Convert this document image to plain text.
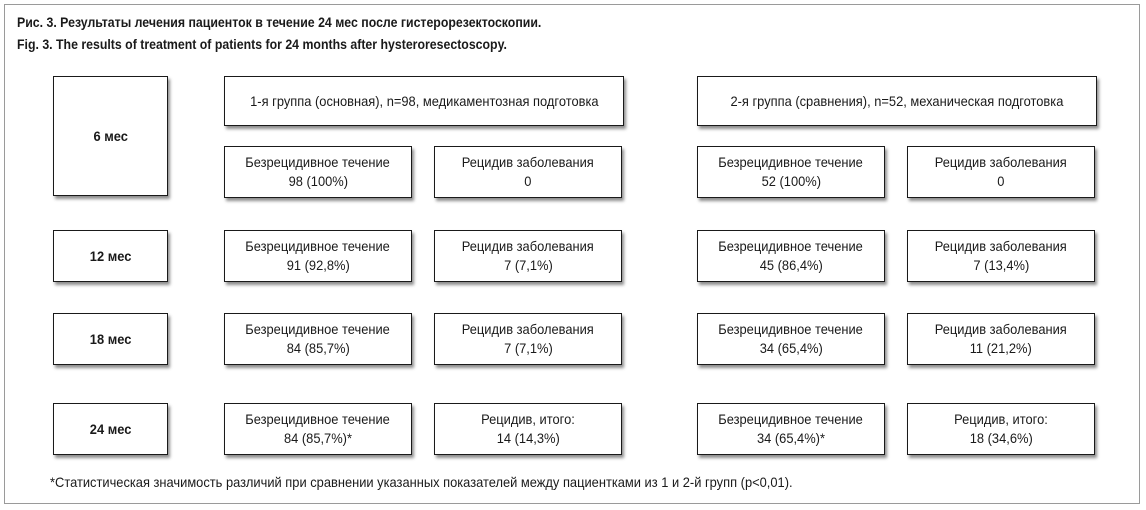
Рис. 3. Результаты лечения пациенток в течение 24 мес после гистерорезектоскопии.
Fig. 3. The results of treatment of patients for 24 months after hysteroresectoscopy.
1-я группа (основная), n=98, медикаментозная подготовка	2-я группа (сравнения), n=52, механическая подготовка
6 мес
12 мес
18 мес
24 мес
Безрецидивное течение
98 (100%)
Рецидив заболевания
0
Безрецидивное течение
52 (100%)
Рецидив заболевания
0
Безрецидивное течение
91 (92,8%)
Рецидив заболевания
7 (7,1%)
Безрецидивное течение
45 (86,4%)
Рецидив заболевания
7 (13,4%)
Безрецидивное течение
84 (85,7%)
Рецидив заболевания
7 (7,1%)
Безрецидивное течение
34 (65,4%)
Рецидив заболевания
11 (21,2%)
Безрецидивное течение
84 (85,7%)*
Рецидив, итого:
14 (14,3%)
Безрецидивное течение
34 (65,4%)*
Рецидив, итого:
18 (34,6%)
*Статистическая значимость различий при сравнении указанных показателей между пациентками из 1 и 2-й групп (p<0,01).
